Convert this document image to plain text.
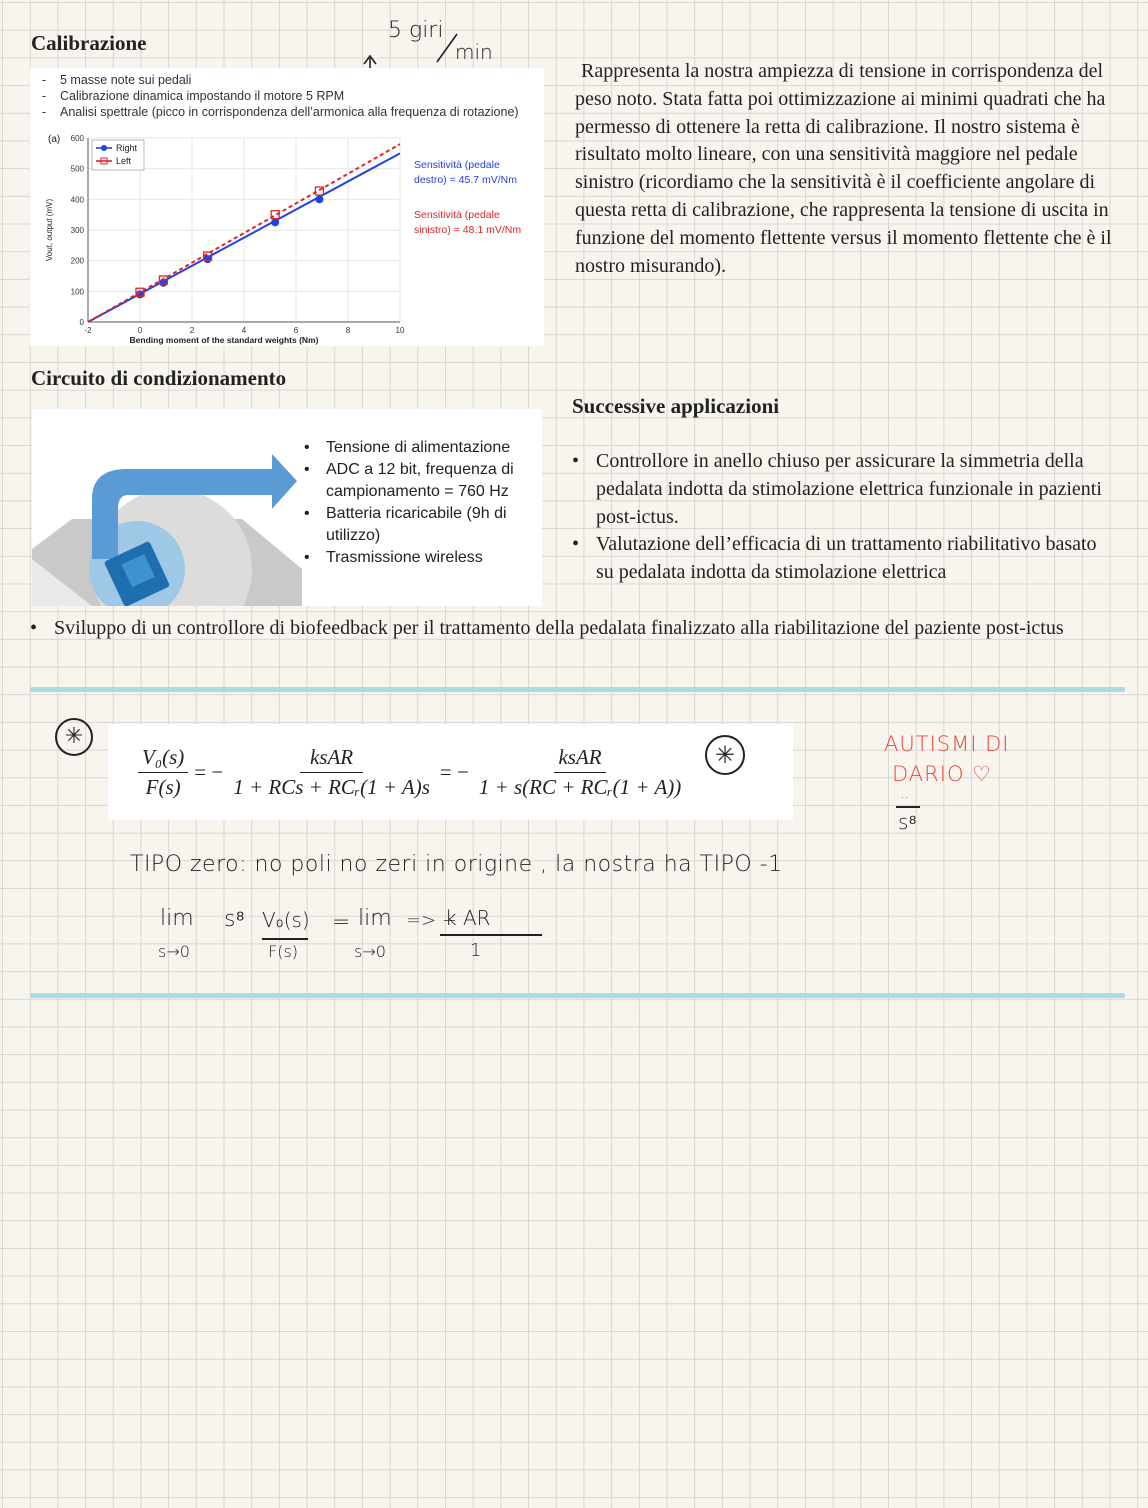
Calibrazione	5 giri
min
- 5 masse note sui pedali
- Calibrazione dinamica impostando il motore 5 RPM
- Analisi spettrale (picco in corrispondenza dell’armonica alla frequenza di rotazione)
-2	0	2	4	6	8	10
0
100
200
300
400
500
600
Bending moment of the standard weights (Nm)
Vout, output (mV)
(a)
Right
Left	Sensitività (pedale
destro) = 45.7 mV/Nm
Sensitività (pedale
sinistro) = 48.1 mV/Nm
Rappresenta la nostra ampiezza di tensione in corrispondenza del peso noto. Stata fatta poi ottimizzazione ai minimi quadrati che ha permesso di ottenere la retta di calibrazione. Il nostro sistema è risultato molto lineare, con una sensitività maggiore nel pedale sinistro (ricordiamo che la sensitività è il coefficiente angolare di questa retta di calibrazione, che rappresenta la tensione di uscita in funzione del momento flettente versus il momento flettente che è il nostro misurando).
Circuito di condizionamento
• Tensione di alimentazione
• ADC a 12 bit, frequenza di campionamento = 760 Hz
• Batteria ricaricabile (9h di utilizzo)
• Trasmissione wireless
Successive applicazioni
• Controllore in anello chiuso per assicurare la simmetria della pedalata indotta da stimolazione elettrica funzionale in pazienti post-ictus.
• Valutazione dell’efficacia di un trattamento riabilitativo basato su pedalata indotta da stimolazione elettrica
• Sviluppo di un controllore di biofeedback per il trattamento della pedalata finalizzato alla riabilitazione del paziente post-ictus
✳
$\frac{\text{V₀(s)}}{F(s)}$ = − $\frac{\text{ksAR}}{\text{1 + RCs + RCᵣ(1 + A)s}}$ = − $\frac{\text{ksAR}}{\text{1 + s(RC + RCᵣ(1 + A))}}$	✳	AUTISMI DI
DARIO ♡
..
s⁸
TIPO zero: no poli no zeri in origine , la nostra ha TIPO -1
lim
s→0
s⁸ V₀(s)
F(s)
= lim
s→0
=> −
k AR
1
